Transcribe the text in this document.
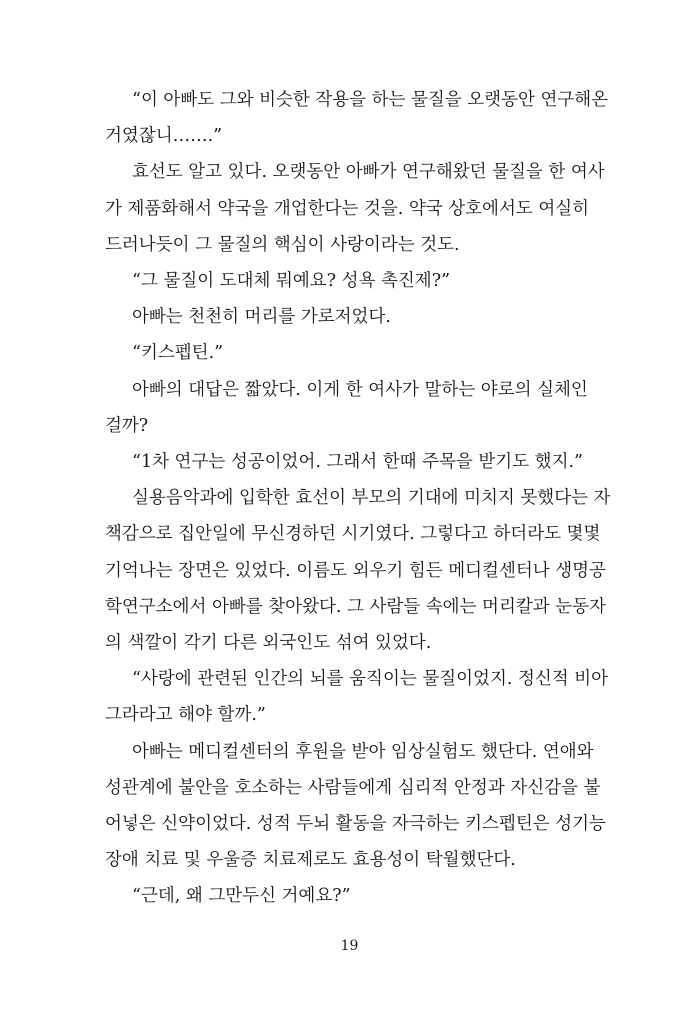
“이 아빠도 그와 비슷한 작용을 하는 물질을 오랫동안 연구해온
거였잖니…….”

효선도 알고 있다. 오랫동안 아빠가 연구해왔던 물질을 한 여사
가 제품화해서 약국을 개업한다는 것을. 약국 상호에서도 여실히
드러나듯이 그 물질의 핵심이 사랑이라는 것도.

“그 물질이 도대체 뭐예요? 성욕 촉진제?”

아빠는 천천히 머리를 가로저었다.

“키스펩틴.”

아빠의 대답은 짧았다. 이게 한 여사가 말하는 야로의 실체인
걸까?

“1차 연구는 성공이었어. 그래서 한때 주목을 받기도 했지.”

실용음악과에 입학한 효선이 부모의 기대에 미치지 못했다는 자
책감으로 집안일에 무신경하던 시기였다. 그렇다고 하더라도 몇몇
기억나는 장면은 있었다. 이름도 외우기 힘든 메디컬센터나 생명공
학연구소에서 아빠를 찾아왔다. 그 사람들 속에는 머리칼과 눈동자
의 색깔이 각기 다른 외국인도 섞여 있었다.

“사랑에 관련된 인간의 뇌를 움직이는 물질이었지. 정신적 비아
그라라고 해야 할까.”

아빠는 메디컬센터의 후원을 받아 임상실험도 했단다. 연애와
성관계에 불안을 호소하는 사람들에게 심리적 안정과 자신감을 불
어넣은 신약이었다. 성적 두뇌 활동을 자극하는 키스펩틴은 성기능
장애 치료 및 우울증 치료제로도 효용성이 탁월했단다.

“근데, 왜 그만두신 거예요?”

19
